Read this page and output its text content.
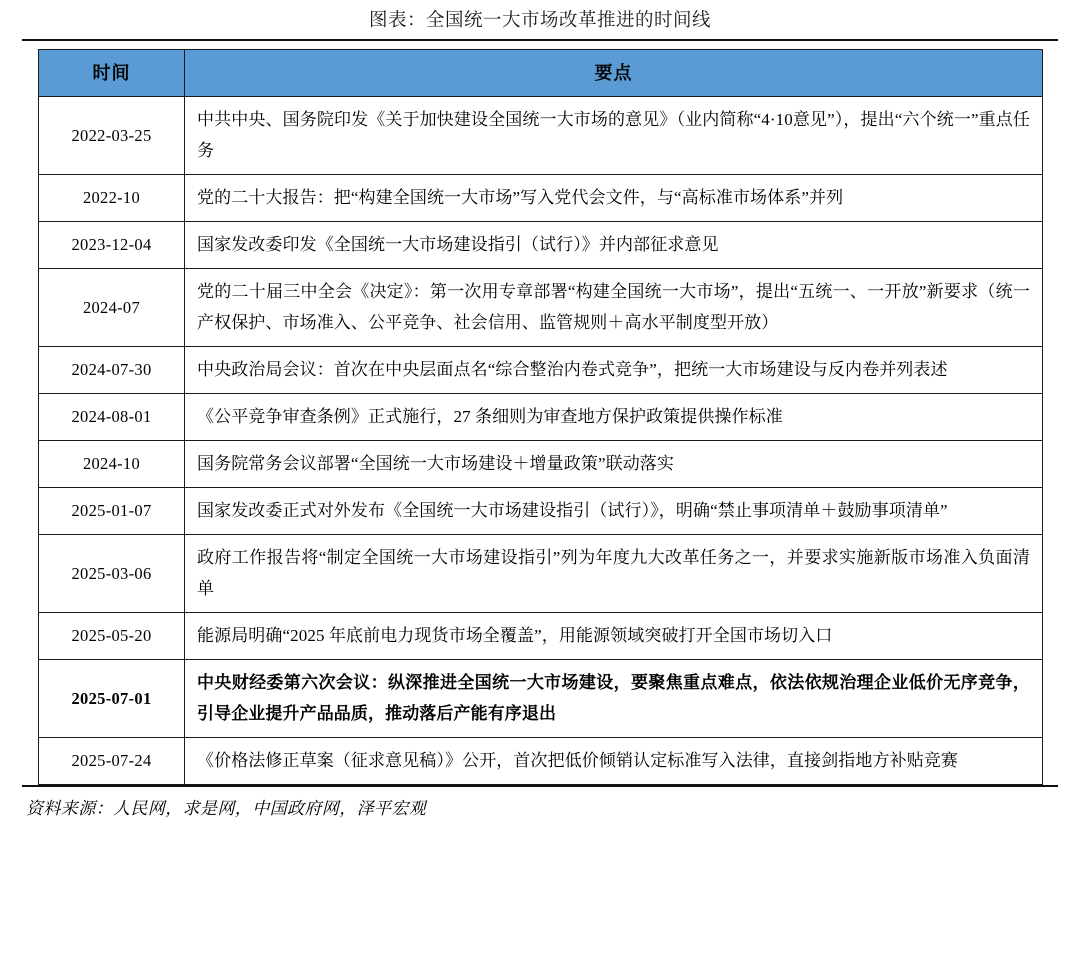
图表：全国统一大市场改革推进的时间线
时间	要点
2022-03-25	中共中央、国务院印发《关于加快建设全国统一大市场的意见》（业内简称“4·10意见”），提出“六个统一”重点任务
2022-10	党的二十大报告：把“构建全国统一大市场”写入党代会文件，与“高标准市场体系”并列
2023-12-04	国家发改委印发《全国统一大市场建设指引（试行）》并内部征求意见
2024-07	党的二十届三中全会《决定》：第一次用专章部署“构建全国统一大市场”，提出“五统一、一开放”新要求（统一产权保护、市场准入、公平竞争、社会信用、监管规则＋高水平制度型开放）
2024-07-30	中央政治局会议：首次在中央层面点名“综合整治内卷式竞争”，把统一大市场建设与反内卷并列表述
2024-08-01	《公平竞争审查条例》正式施行，27 条细则为审查地方保护政策提供操作标准
2024-10	国务院常务会议部署“全国统一大市场建设＋增量政策”联动落实
2025-01-07	国家发改委正式对外发布《全国统一大市场建设指引（试行）》，明确“禁止事项清单＋鼓励事项清单”
2025-03-06	政府工作报告将“制定全国统一大市场建设指引”列为年度九大改革任务之一，并要求实施新版市场准入负面清单
2025-05-20	能源局明确“2025 年底前电力现货市场全覆盖”，用能源领域突破打开全国市场切入口
2025-07-01	中央财经委第六次会议：纵深推进全国统一大市场建设，要聚焦重点难点，依法依规治理企业低价无序竞争，引导企业提升产品品质，推动落后产能有序退出
2025-07-24	《价格法修正草案（征求意见稿）》公开，首次把低价倾销认定标准写入法律，直接剑指地方补贴竞赛
资料来源：人民网，求是网，中国政府网，泽平宏观
